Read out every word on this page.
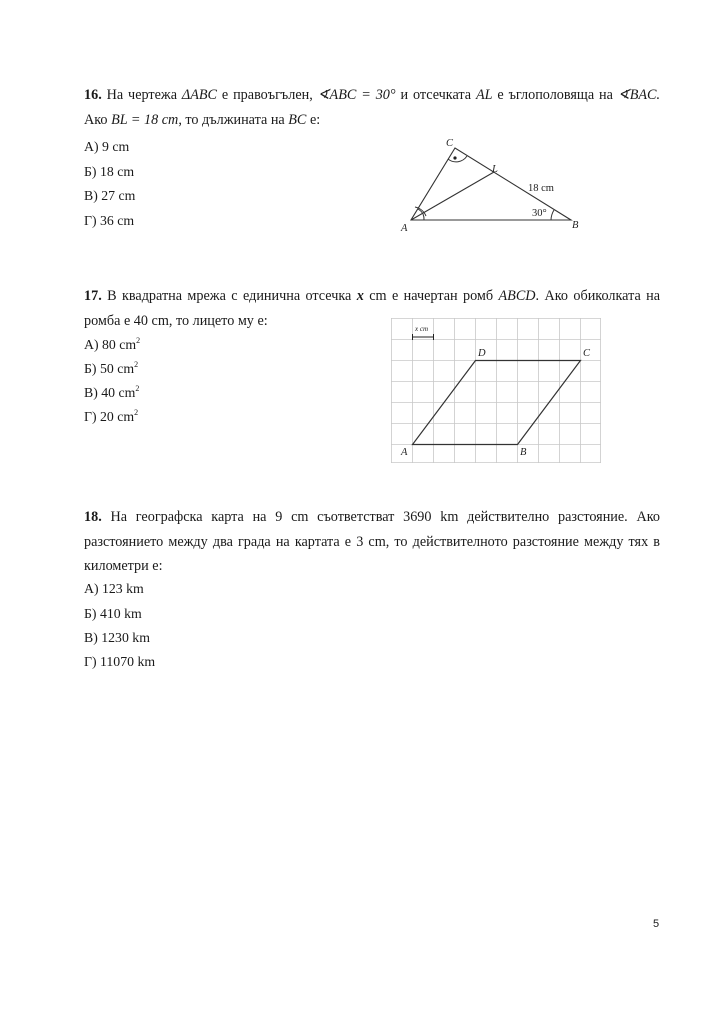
16. На чертежа ΔABC е правоъгълен, ∢ABC = 30° и отсечката AL е ъглополовяща на ∢BAC.
Ако BL = 18 cm, то дължината на BC е:
А) 9 cm
Б) 18 cm
В) 27 cm
Г) 36 cm
C
L
A	B
18 cm
30°
17. В квадратна мрежа с единична отсечка x cm е начертан ромб ABCD. Ако обиколката на
ромба е 40 cm, то лицето му е:
А) 80 $cm^2$
Б) 50 $cm^2$
В) 40 $cm^2$
Г) 20 $cm^2$
x cm
A	B
C
D
18. На географска карта на 9 cm съответстват 3690 km действително разстояние. Ако
разстоянието между два града на картата е 3 cm, то действителното разстояние между тях в
километри е:
А) 123 km
Б) 410 km
В) 1230 km
Г) 11070 km
5
